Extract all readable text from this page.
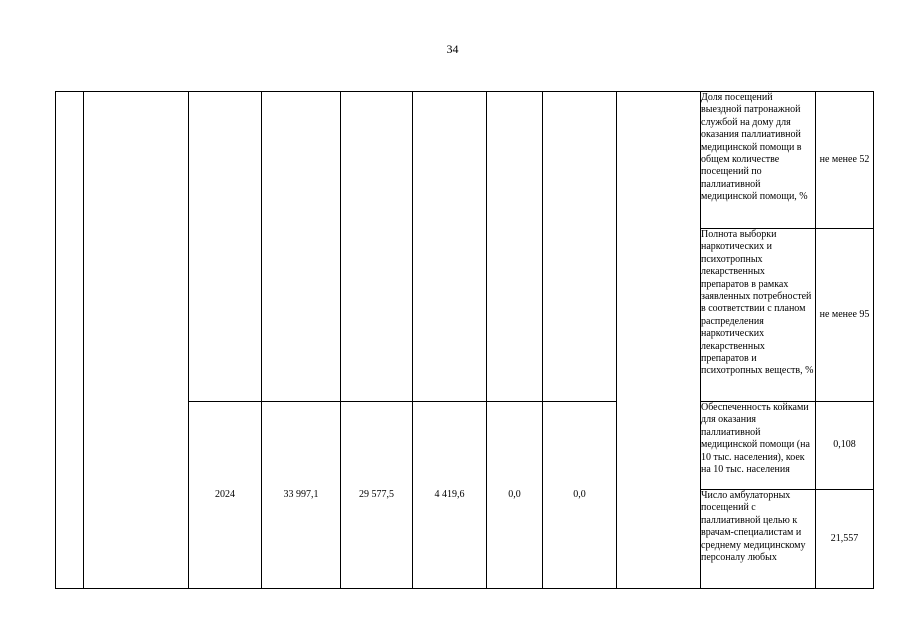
34

									Доля посещений выездной патронажной службой на дому для оказания паллиативной медицинской помощи в общем количестве посещений по паллиативной медицинской помощи, %	не менее 52

									Полнота выборки наркотических и психотропных лекарственных препаратов в рамках заявленных потребностей в соответствии с планом распределения наркотических лекарственных препаратов и психотропных веществ, %	не менее 95
		2024	33 997,1	29 577,5	4 419,6	0,0	0,0		Обеспеченность койками для оказания паллиативной медицинской помощи (на 10 тыс. населения), коек на 10 тыс. населения	0,108

									Число амбулаторных посещений с паллиативной целью к врачам-специалистам и среднему медицинскому персоналу любых	21,557
